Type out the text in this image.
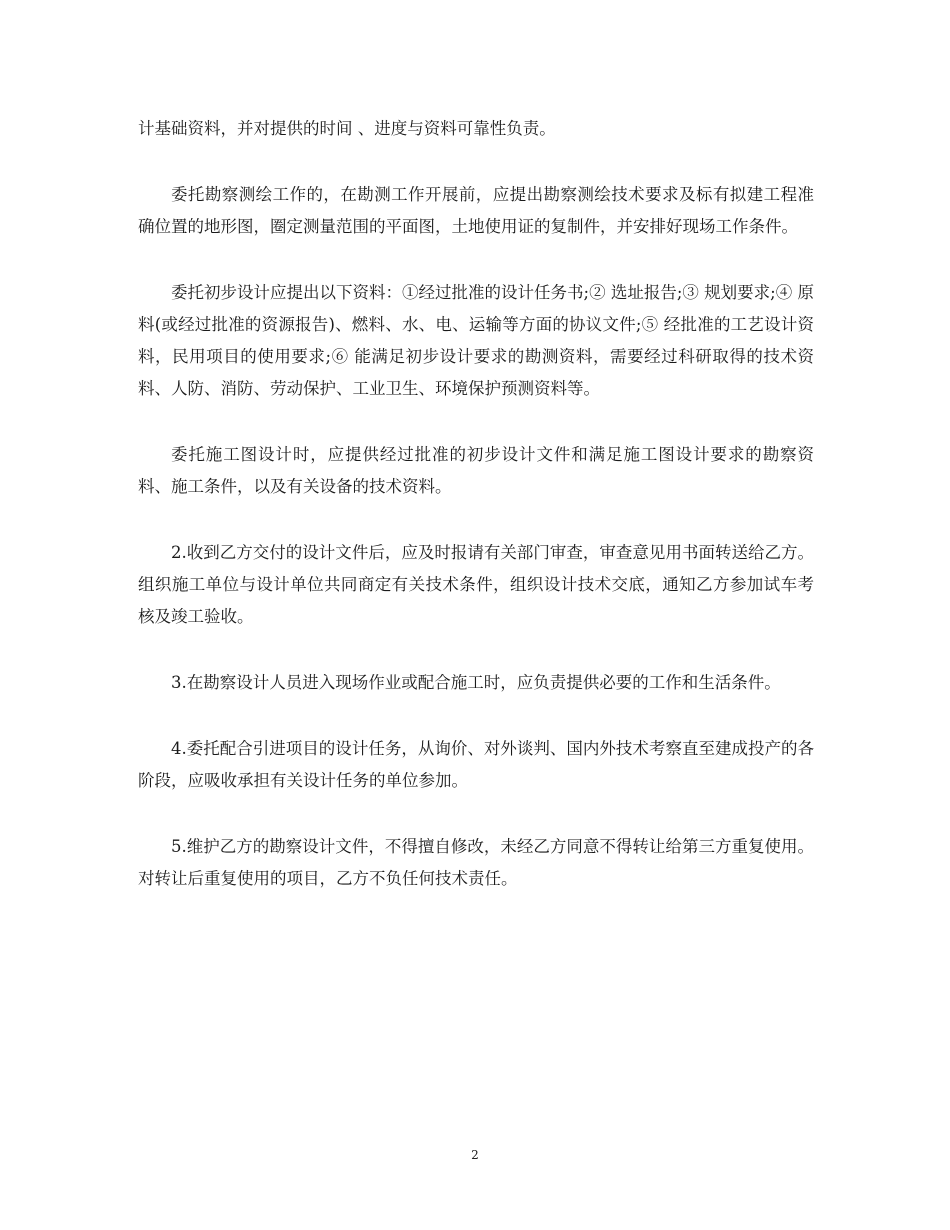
计基础资料，并对提供的时间 、进度与资料可靠性负责。

委托勘察测绘工作的，在勘测工作开展前，应提出勘察测绘技术要求及标有拟建工程准确位置的地形图，圈定测量范围的平面图，土地使用证的复制件，并安排好现场工作条件。

委托初步设计应提出以下资料：①经过批准的设计任务书;② 选址报告;③ 规划要求;④ 原料(或经过批准的资源报告)、燃料、水、电、运输等方面的协议文件;⑤ 经批准的工艺设计资料，民用项目的使用要求;⑥ 能满足初步设计要求的勘测资料，需要经过科研取得的技术资料、人防、消防、劳动保护、工业卫生、环境保护预测资料等。

委托施工图设计时，应提供经过批准的初步设计文件和满足施工图设计要求的勘察资料、施工条件，以及有关设备的技术资料。

2.收到乙方交付的设计文件后，应及时报请有关部门审查，审查意见用书面转送给乙方。组织施工单位与设计单位共同商定有关技术条件，组织设计技术交底，通知乙方参加试车考核及竣工验收。

3.在勘察设计人员进入现场作业或配合施工时，应负责提供必要的工作和生活条件。

4.委托配合引进项目的设计任务，从询价、对外谈判、国内外技术考察直至建成投产的各阶段，应吸收承担有关设计任务的单位参加。

5.维护乙方的勘察设计文件，不得擅自修改，未经乙方同意不得转让给第三方重复使用。对转让后重复使用的项目，乙方不负任何技术责任。

2
